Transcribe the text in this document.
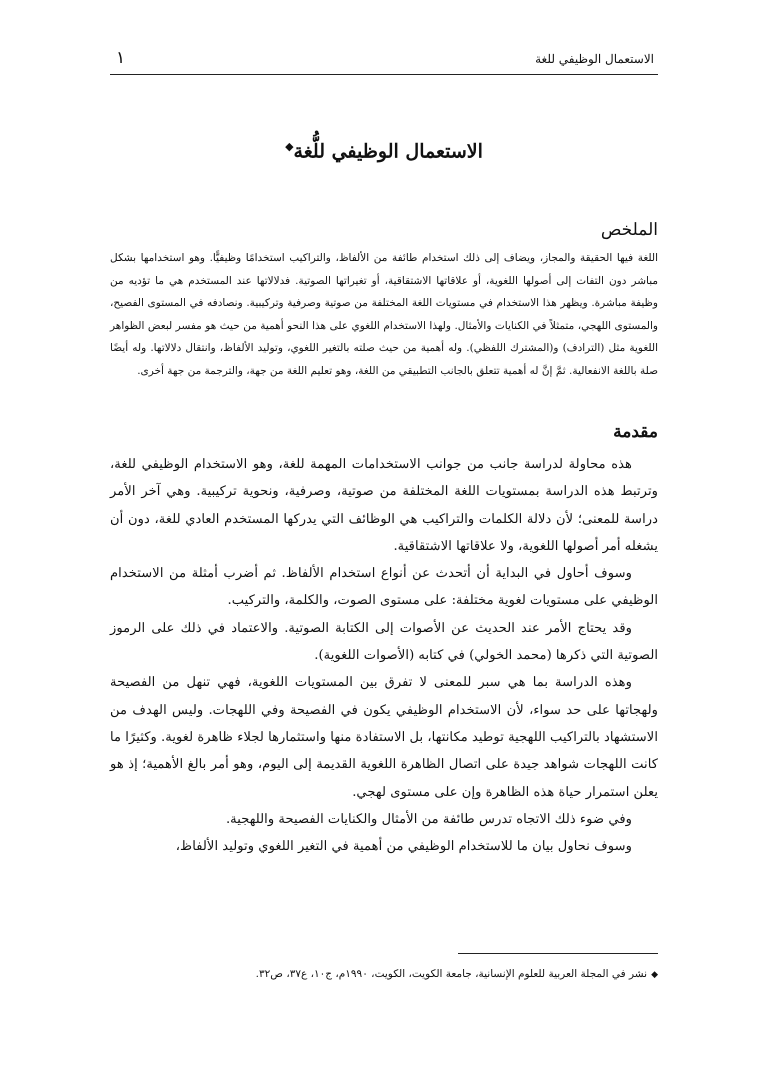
الاستعمال الوظيفي للغة
١
الاستعمال الوظيفي للُّغة◆
الملخص
اللغة فيها الحقيقة والمجاز، ويضاف إلى ذلك استخدام طائفة من الألفاظ، والتراكيب استخدامًا وظيفيًّا. وهو استخدامها بشكل مباشر دون التفات إلى أصولها اللغوية، أو علاقاتها الاشتقاقية، أو تغيراتها الصوتية. فدلالاتها عند المستخدم هي ما تؤديه من وظيفة مباشرة. ويظهر هذا الاستخدام في مستويات اللغة المختلفة من صوتية وصرفية وتركيبية. ونصادفه في المستوى الفصيح، والمستوى اللهجي، متمثلاً في الكنايات والأمثال. ولهذا الاستخدام اللغوي على هذا النحو أهمية من حيث هو مفسر لبعض الظواهر اللغوية مثل (الترادف) و(المشترك اللفظي). وله أهمية من حيث صلته بالتغير اللغوي، وتوليد الألفاظ، وانتقال دلالاتها. وله أيضًا صلة باللغة الانفعالية. ثمَّ إنَّ له أهمية تتعلق بالجانب التطبيقي من اللغة، وهو تعليم اللغة من جهة، والترجمة من جهة أخرى.
مقدمة

هذه محاولة لدراسة جانب من جوانب الاستخدامات المهمة للغة، وهو الاستخدام الوظيفي للغة، وترتبط هذه الدراسة بمستويات اللغة المختلفة من صوتية، وصرفية، ونحوية تركيبية. وهي آخر الأمر دراسة للمعنى؛ لأن دلالة الكلمات والتراكيب هي الوظائف التي يدركها المستخدم العادي للغة، دون أن يشغله أمر أصولها اللغوية، ولا علاقاتها الاشتقاقية.

وسوف أحاول في البداية أن أتحدث عن أنواع استخدام الألفاظ. ثم أضرب أمثلة من الاستخدام الوظيفي على مستويات لغوية مختلفة: على مستوى الصوت، والكلمة، والتركيب.

وقد يحتاج الأمر عند الحديث عن الأصوات إلى الكتابة الصوتية. والاعتماد في ذلك على الرموز الصوتية التي ذكرها (محمد الخولي) في كتابه (الأصوات اللغوية).

وهذه الدراسة بما هي سبر للمعنى لا تفرق بين المستويات اللغوية، فهي تنهل من الفصيحة ولهجاتها على حد سواء، لأن الاستخدام الوظيفي يكون في الفصيحة وفي اللهجات. وليس الهدف من الاستشهاد بالتراكيب اللهجية توطيد مكانتها، بل الاستفادة منها واستثمارها لجلاء ظاهرة لغوية. وكثيرًا ما كانت اللهجات شواهد جيدة على اتصال الظاهرة اللغوية القديمة إلى اليوم، وهو أمر بالغ الأهمية؛ إذ هو يعلن استمرار حياة هذه الظاهرة وإن على مستوى لهجي.

وفي ضوء ذلك الاتجاه تدرس طائفة من الأمثال والكنايات الفصيحة واللهجية.

وسوف نحاول بيان ما للاستخدام الوظيفي من أهمية في التغير اللغوي وتوليد الألفاظ،

◆نشر في المجلة العربية للعلوم الإنسانية، جامعة الكويت، الكويت، ١٩٩٠م، ج١٠، ع٣٧، ص٣٢.
